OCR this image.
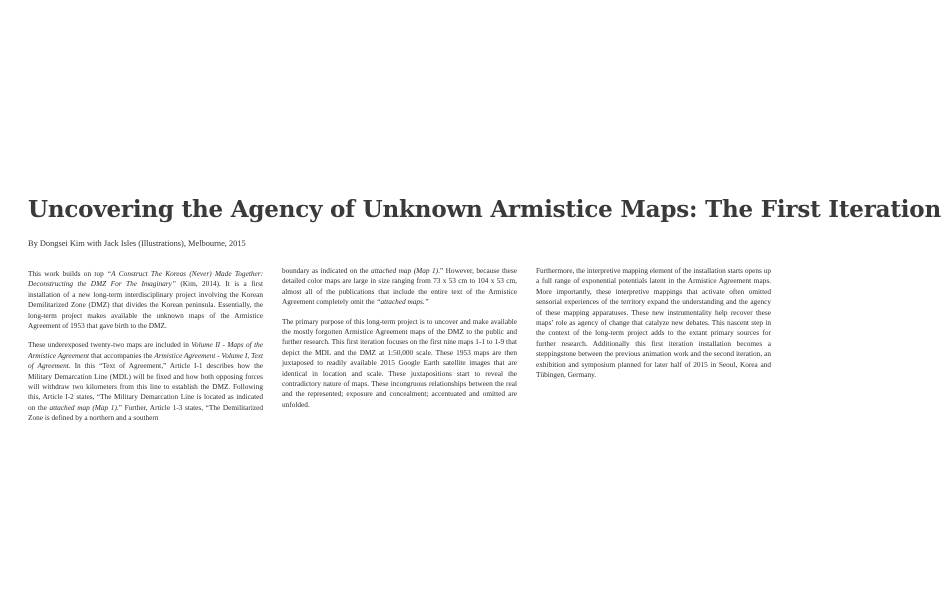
Uncovering the Agency of Unknown Armistice Maps: The First Iteration

By Dongsei Kim with Jack Isles (Illustrations), Melbourne, 2015

This work builds on top “A Construct The Koreas (Never) Made Together: Deconstructing the DMZ For The Imaginary” (Kim, 2014). It is a first installation of a new long-term interdisciplinary project involving the Korean Demilitarized Zone (DMZ) that divides the Korean peninsula. Essentially, the long-term project makes available the unknown maps of the Armistice Agreement of 1953 that gave birth to the DMZ.

These underexposed twenty-two maps are included in Volume II - Maps of the Armistice Agreement that accompanies the Armistice Agreement - Volume I, Text of Agreement. In this “Text of Agreement,” Article I-1 describes how the Military Demarcation Line (MDL) will be fixed and how both opposing forces will withdraw two kilometers from this line to establish the DMZ. Following this, Article I-2 states, “The Military Demarcation Line is located as indicated on the attached map (Map 1).” Further, Article 1-3 states, “The Demilitarized Zone is defined by a northern and a southern

boundary as indicated on the attached map (Map 1).” However, because these detailed color maps are large in size ranging from 73 x 53 cm to 104 x 53 cm, almost all of the publications that include the entire text of the Armistice Agreement completely omit the “attached maps.”

The primary purpose of this long-term project is to uncover and make available the mostly forgotten Armistice Agreement maps of the DMZ to the public and further research. This first iteration focuses on the first nine maps 1-1 to 1-9 that depict the MDL and the DMZ at 1:50,000 scale. These 1953 maps are then juxtaposed to readily available 2015 Google Earth satellite images that are identical in location and scale. These juxtapositions start to reveal the contradictory nature of maps. These incongruous relationships between the real and the represented; exposure and concealment; accentuated and omitted are unfolded.

Furthermore, the interpretive mapping element of the installation starts opens up a full range of exponential potentials latent in the Armistice Agreement maps. More importantly, these interpretive mappings that activate often omitted sensorial experiences of the territory expand the understanding and the agency of these mapping apparatuses. These new instrumentality help recover these maps’ role as agency of change that catalyze new debates. This nascent step in the context of the long-term project adds to the extant primary sources for further research. Additionally this first iteration installation becomes a steppingstone between the previous animation work and the second iteration, an exhibition and symposium planned for later half of 2015 in Seoul, Korea and Tübingen, Germany.
